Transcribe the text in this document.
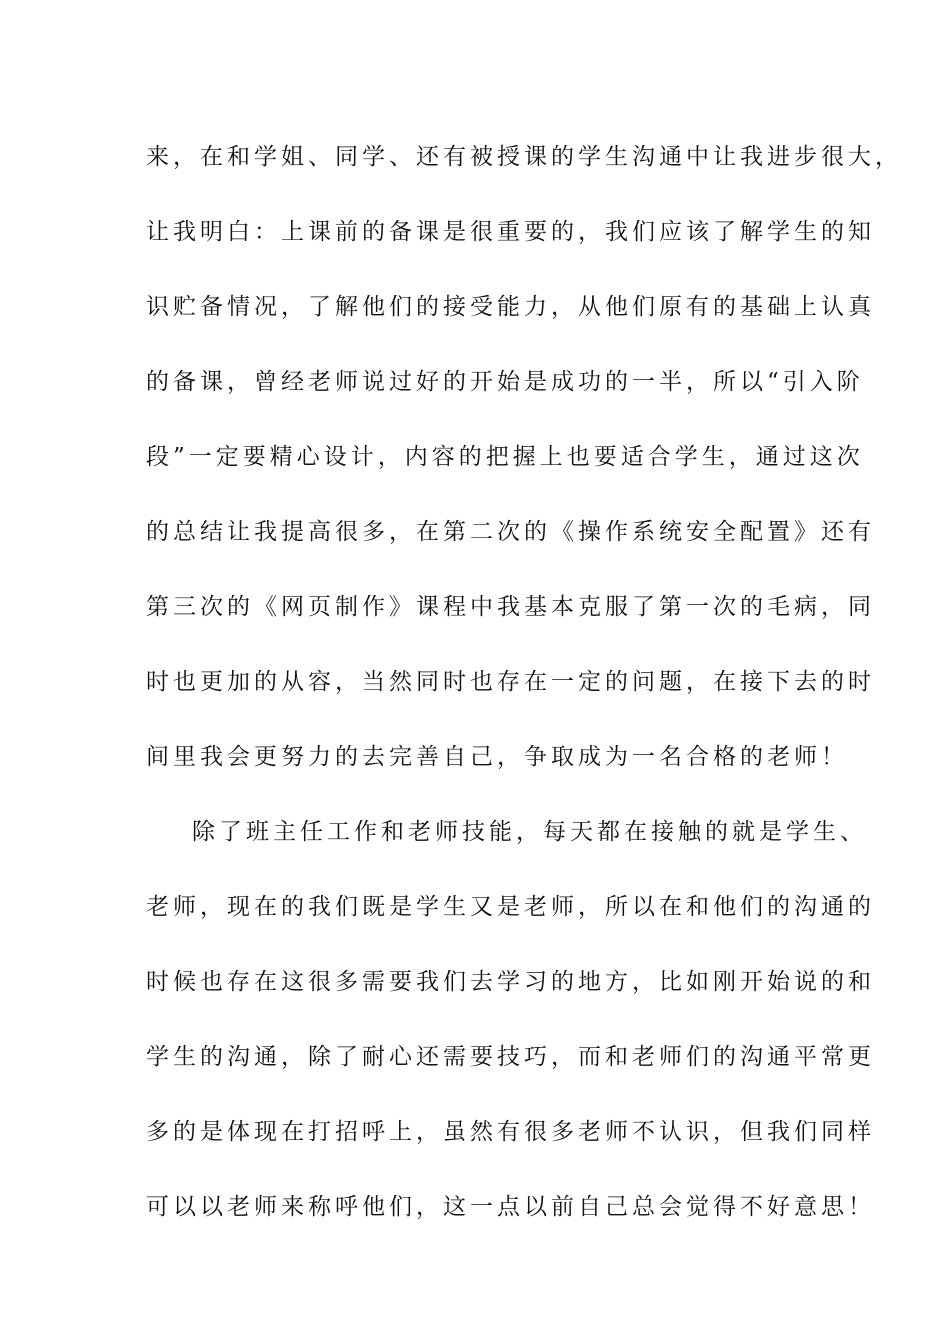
来，在和学姐、同学、还有被授课的学生沟通中让我进步很大，
让我明白：上课前的备课是很重要的，我们应该了解学生的知
识贮备情况，了解他们的接受能力，从他们原有的基础上认真
的备课，曾经老师说过好的开始是成功的一半，所以“引入阶
段”一定要精心设计，内容的把握上也要适合学生，通过这次
的总结让我提高很多，在第二次的《操作系统安全配置》还有
第三次的《网页制作》课程中我基本克服了第一次的毛病，同
时也更加的从容，当然同时也存在一定的问题，在接下去的时
间里我会更努力的去完善自己，争取成为一名合格的老师！
除了班主任工作和老师技能，每天都在接触的就是学生、
老师，现在的我们既是学生又是老师，所以在和他们的沟通的
时候也存在这很多需要我们去学习的地方，比如刚开始说的和
学生的沟通，除了耐心还需要技巧，而和老师们的沟通平常更
多的是体现在打招呼上，虽然有很多老师不认识，但我们同样
可以以老师来称呼他们，这一点以前自己总会觉得不好意思！
